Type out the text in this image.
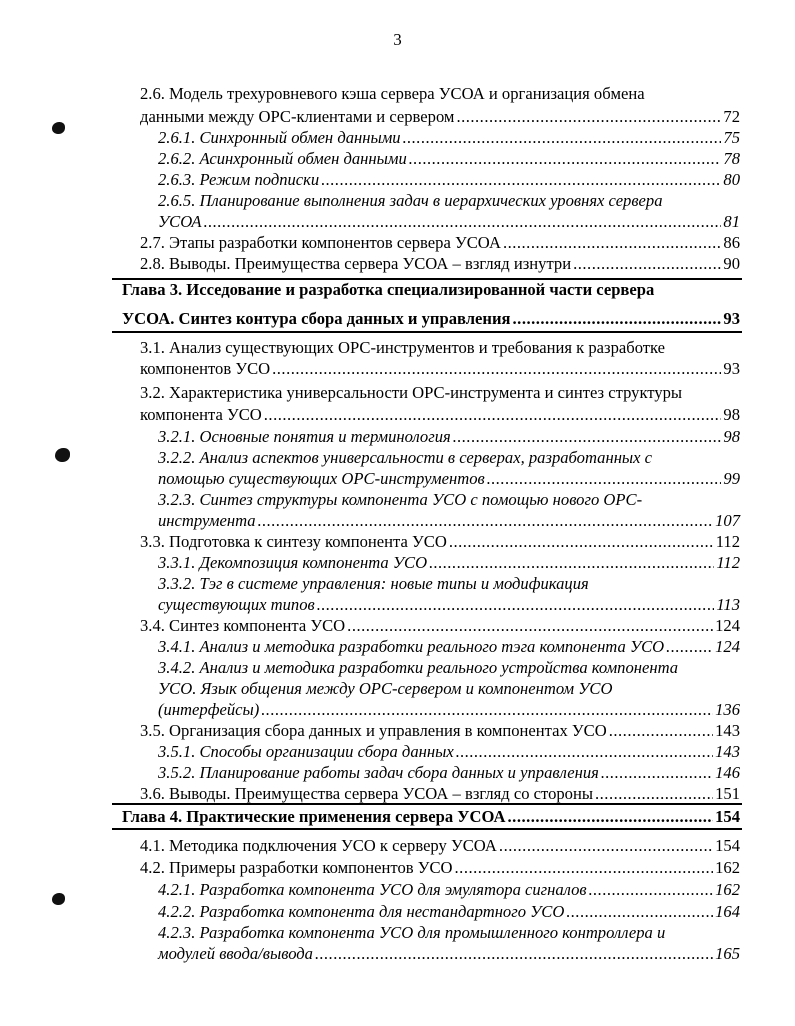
3
2.6. Модель трехуровневого кэша сервера УСОА и организация обмена
данными между ОРС-клиентами и сервером .....	72
2.6.1. Синхронный обмен данными .....	75
2.6.2. Асинхронный обмен данными .....	78
2.6.3. Режим подписки .....	80
2.6.5. Планирование выполнения задач в иерархических уровнях сервера
УСОА .....	81
2.7. Этапы разработки компонентов сервера УСОА .....	86
2.8. Выводы. Преимущества сервера УСОА – взгляд изнутри .....	90
Глава 3. Исседование и разработка специализированной части сервера
УСОА. Синтез контура сбора данных и управления .....	93
3.1. Анализ существующих ОРС-инструментов и требования к разработке
компонентов УСО .....	93
3.2. Характеристика универсальности ОРС-инструмента и синтез структуры
компонента УСО .....	98
3.2.1. Основные понятия и терминология .....	98
3.2.2. Анализ аспектов универсальности в серверах, разработанных с
помощью существующих ОРС-инструментов .....	99
3.2.3. Синтез структуры компонента УСО с помощью нового ОРС-
инструмента .....	107
3.3. Подготовка к синтезу компонента УСО .....	112
3.3.1. Декомпозиция компонента УСО .....	112
3.3.2. Тэг в системе управления: новые типы и модификация
существующих типов .....	113
3.4. Синтез компонента УСО .....	124
3.4.1. Анализ и методика разработки реального тэга компонента УСО .....	124
3.4.2. Анализ и методика разработки реального устройства компонента
УСО. Язык общения между ОРС-сервером и компонентом УСО
(интерфейсы) .....	136
3.5. Организация сбора данных и управления в компонентах УСО .....	143
3.5.1. Способы организации сбора данных .....	143
3.5.2. Планирование работы задач сбора данных и управления .....	146
3.6. Выводы. Преимущества сервера УСОА – взгляд со стороны .....	151
Глава 4. Практические применения сервера УСОА .....	154
4.1. Методика подключения УСО к серверу УСОА .....	154
4.2. Примеры разработки компонентов УСО .....	162
4.2.1. Разработка компонента УСО для эмулятора сигналов .....	162
4.2.2. Разработка компонента для нестандартного УСО .....	164
4.2.3. Разработка компонента УСО для промышленного контроллера и
модулей ввода/вывода .....	165
